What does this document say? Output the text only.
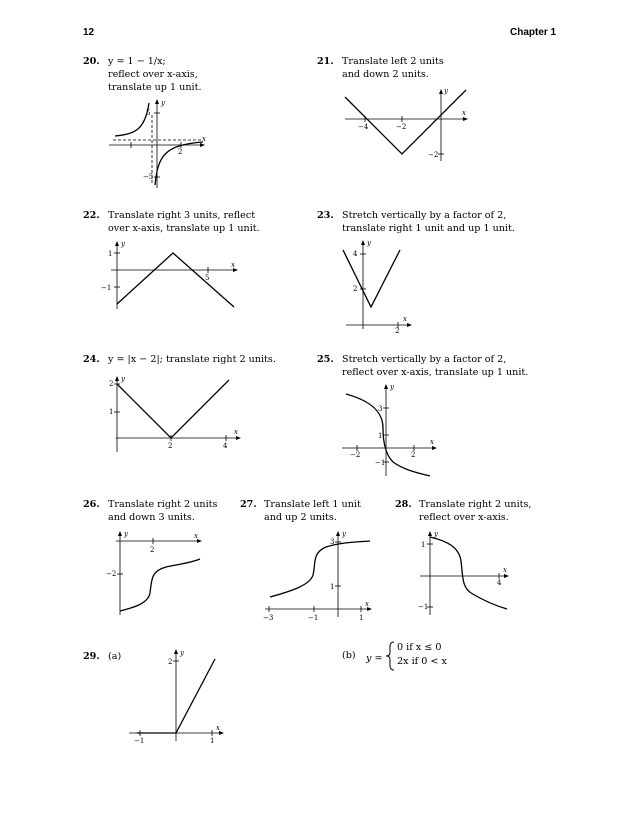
12	Chapter 1
20. y = 1 − 1/x;
reflect over x-axis,
translate up 1 unit.
y
x
5
2
−5
21. Translate left 2 units
and down 2 units.
y
x
−4	−2
−2
22. Translate right 3 units, reflect
over x-axis, translate up 1 unit.
y
x
1
5
−1
23. Stretch vertically by a factor of 2,
translate right 1 unit and up 1 unit.
y
x
4
2
2
24. y = |x − 2|; translate right 2 units.
y
x
2
1
2	4
25. Stretch vertically by a factor of 2,
reflect over x-axis, translate up 1 unit.
y
x
3
1
−2	2
−1
26. Translate right 2 units
and down 3 units.
y	x
2
−2
27. Translate left 1 unit
and up 2 units.
y
x
3
1
−3	−1	1
28. Translate right 2 units,
reflect over x-axis.
y
x
1
4
−1
29. (a)	y
x
2
−1	1
(b) y =
0 if x ≤ 0
2x if 0 < x
